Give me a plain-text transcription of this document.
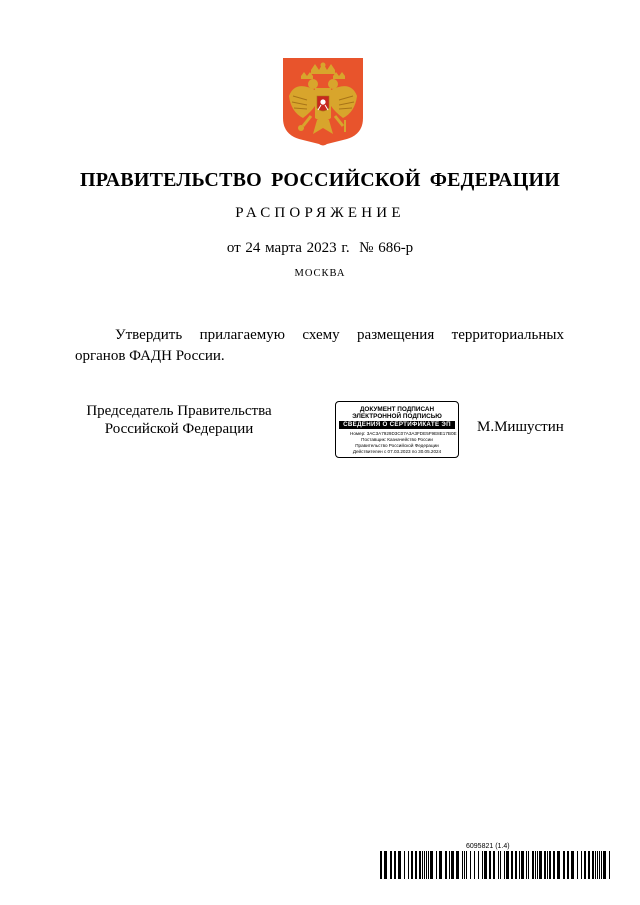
ПРАВИТЕЛЬСТВО РОССИЙСКОЙ ФЕДЕРАЦИИ
РАСПОРЯЖЕНИЕ
от 24 марта 2023 г.  № 686-р
МОСКВА
Утвердить прилагаемую схему размещения территориальных
органов ФАДН России.
Председатель Правительства
Российской Федерации
ДОКУМЕНТ ПОДПИСАН
ЭЛЕКТРОННОЙ ПОДПИСЬЮ
СВЕДЕНИЯ О СЕРТИФИКАТЕ ЭП
Номер: 3AC3A7929D3C07A3A3FDE5F9E8E17B0E
Поставщик: Казначейство России
Правительство Российской Федерации
Действителен с 07.03.2023 по 30.05.2024
М.Мишустин
6095821 (1.4)
